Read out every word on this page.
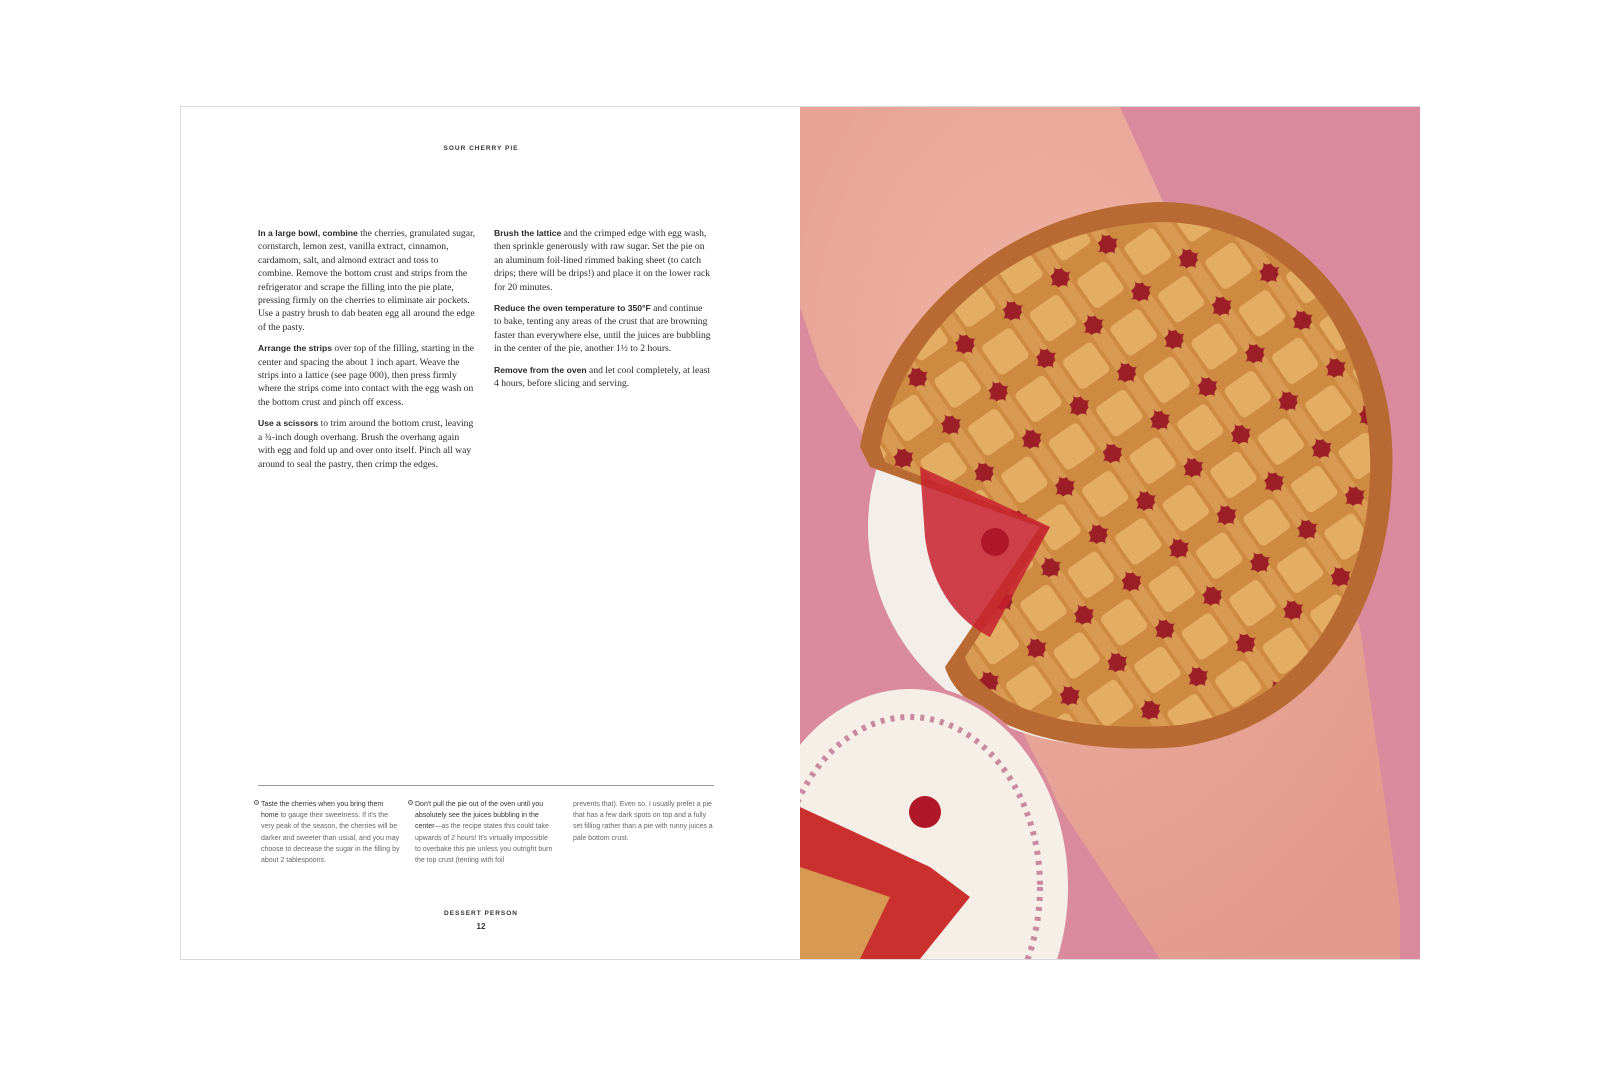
SOUR CHERRY PIE

In a large bowl, combine the cherries, granulated sugar, cornstarch, lemon zest, vanilla extract, cinnamon, cardamom, salt, and almond extract and toss to combine. Remove the bottom crust and strips from the refrigerator and scrape the filling into the pie plate, pressing firmly on the cherries to eliminate air pockets. Use a pastry brush to dab beaten egg all around the edge of the pasty.

Arrange the strips over top of the filling, starting in the center and spacing the about 1 inch apart. Weave the strips into a lattice (see page 000), then press firmly where the strips come into contact with the egg wash on the bottom crust and pinch off excess.

Use a scissors to trim around the bottom crust, leaving a ¾-inch dough overhang. Brush the overhang again with egg and fold up and over onto itself. Pinch all way around to seal the pastry, then crimp the edges.

Brush the lattice and the crimped edge with egg wash, then sprinkle generously with raw sugar. Set the pie on an aluminum foil-lined rimmed baking sheet (to catch drips; there will be drips!) and place it on the lower rack for 20 minutes.

Reduce the oven temperature to 350°F and continue to bake, tenting any areas of the crust that are browning faster than everywhere else, until the juices are bubbling in the center of the pie, another 1½ to 2 hours.

Remove from the oven and let cool completely, at least 4 hours, before slicing and serving.

Taste the cherries when you bring them home to gauge their sweetness. If it's the very peak of the season, the cherries will be darker and sweeter than usual, and you may choose to decrease the sugar in the filling by about 2 tablespoons.
Don't pull the pie out of the oven until you absolutely see the juices bubbling in the center—as the recipe states this could take upwards of 2 hours! It's virtually impossible to overbake this pie unless you outright burn the top crust (tenting with foil
prevents that). Even so, I usually prefer a pie that has a few dark spots on top and a fully set filling rather than a pie with runny juices a pale bottom crust.
DESSERT PERSON
12
